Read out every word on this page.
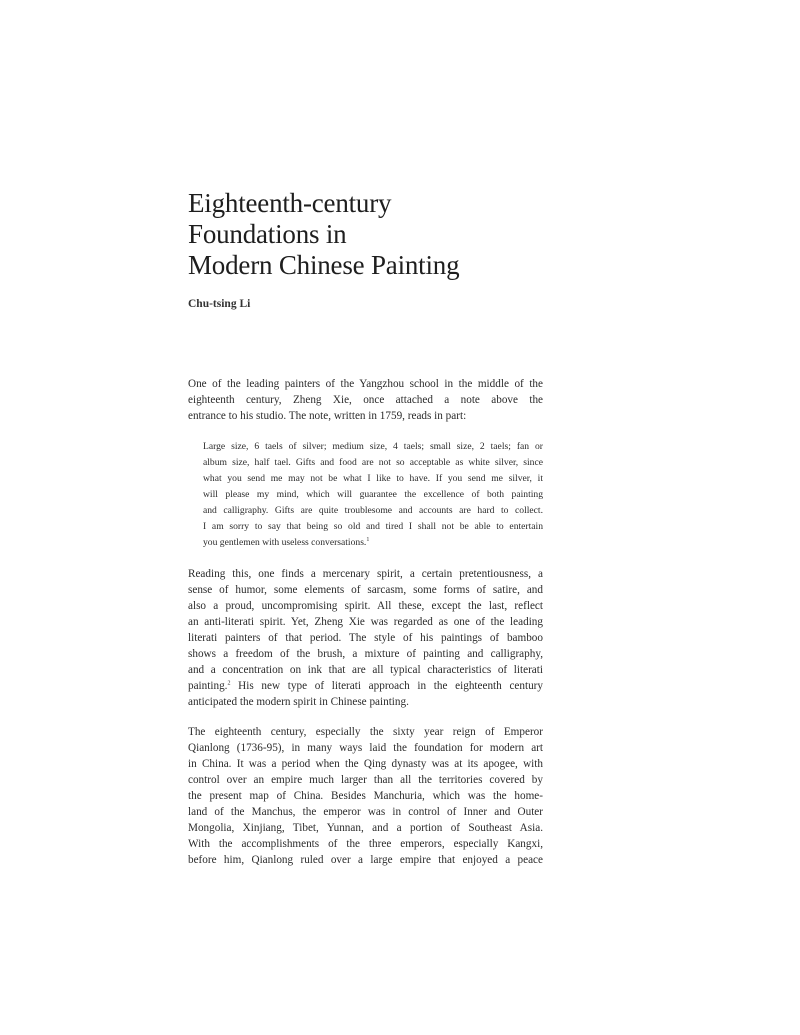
Eighteenth-century
Foundations in
Modern Chinese Painting

Chu-tsing Li

One of the leading painters of the Yangzhou school in the middle of the
eighteenth century, Zheng Xie, once attached a note above the
entrance to his studio. The note, written in 1759, reads in part:
Large size, 6 taels of silver; medium size, 4 taels; small size, 2 taels; fan or
album size, half tael. Gifts and food are not so acceptable as white silver, since
what you send me may not be what I like to have. If you send me silver, it
will please my mind, which will guarantee the excellence of both painting
and calligraphy. Gifts are quite troublesome and accounts are hard to collect.
I am sorry to say that being so old and tired I shall not be able to entertain
you gentlemen with useless conversations.$^1$
Reading this, one finds a mercenary spirit, a certain pretentiousness, a
sense of humor, some elements of sarcasm, some forms of satire, and
also a proud, uncompromising spirit. All these, except the last, reflect
an anti-literati spirit. Yet, Zheng Xie was regarded as one of the leading
literati painters of that period. The style of his paintings of bamboo
shows a freedom of the brush, a mixture of painting and calligraphy,
and a concentration on ink that are all typical characteristics of literati
painting.$^2$ His new type of literati approach in the eighteenth century
anticipated the modern spirit in Chinese painting.
The eighteenth century, especially the sixty year reign of Emperor
Qianlong (1736-95), in many ways laid the foundation for modern art
in China. It was a period when the Qing dynasty was at its apogee, with
control over an empire much larger than all the territories covered by
the present map of China. Besides Manchuria, which was the home-
land of the Manchus, the emperor was in control of Inner and Outer
Mongolia, Xinjiang, Tibet, Yunnan, and a portion of Southeast Asia.
With the accomplishments of the three emperors, especially Kangxi,
before him, Qianlong ruled over a large empire that enjoyed a peace
